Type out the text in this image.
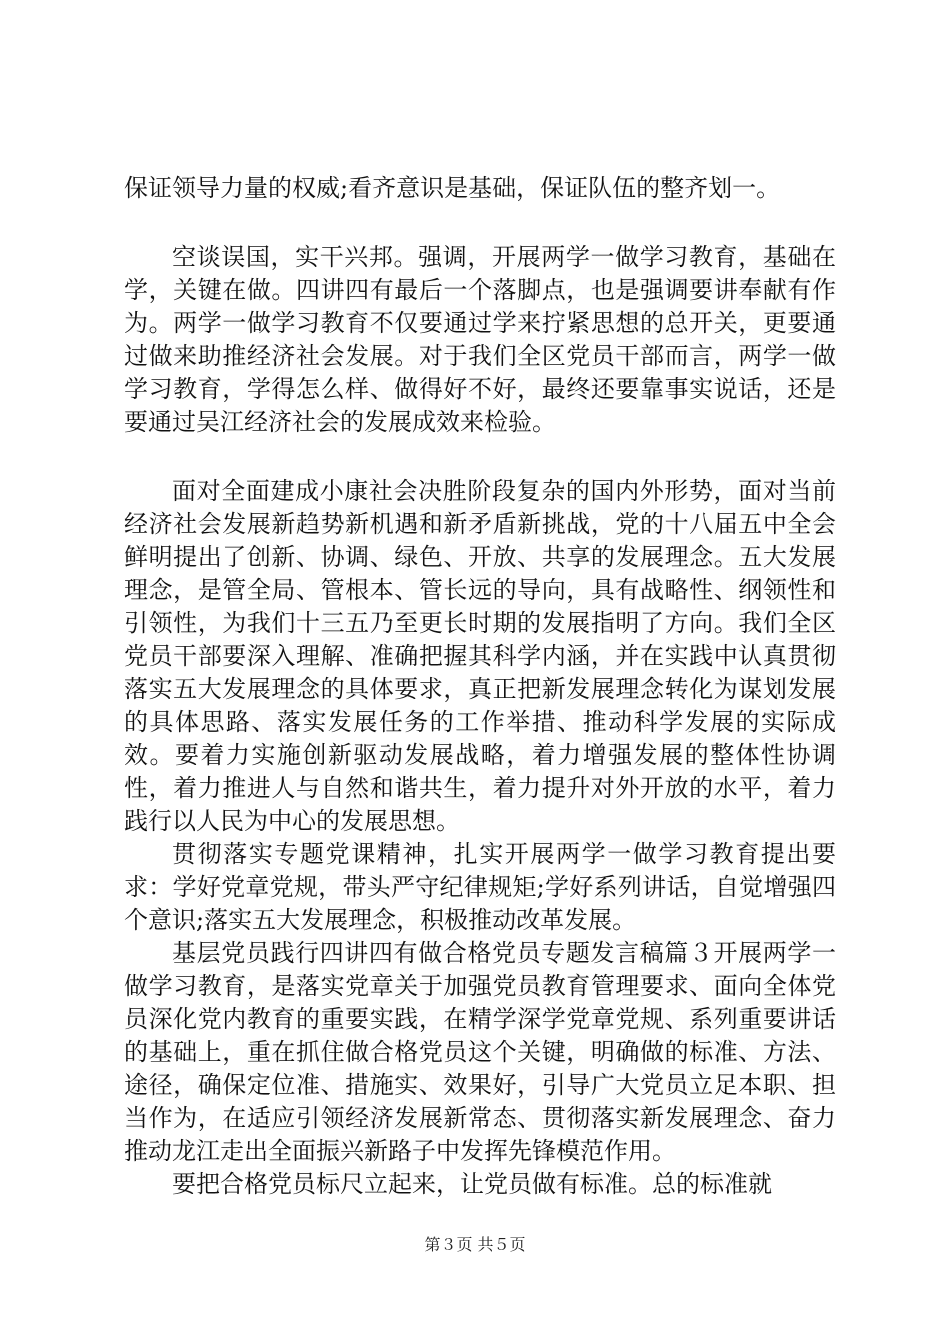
保证领导力量的权威;看齐意识是基础，保证队伍的整齐划一。

空谈误国，实干兴邦。强调，开展两学一做学习教育，基础在学，关键在做。四讲四有最后一个落脚点，也是强调要讲奉献有作为。两学一做学习教育不仅要通过学来拧紧思想的总开关，更要通过做来助推经济社会发展。对于我们全区党员干部而言，两学一做学习教育，学得怎么样、做得好不好，最终还要靠事实说话，还是要通过吴江经济社会的发展成效来检验。

面对全面建成小康社会决胜阶段复杂的国内外形势，面对当前经济社会发展新趋势新机遇和新矛盾新挑战，党的十八届五中全会鲜明提出了创新、协调、绿色、开放、共享的发展理念。五大发展理念，是管全局、管根本、管长远的导向，具有战略性、纲领性和引领性，为我们十三五乃至更长时期的发展指明了方向。我们全区党员干部要深入理解、准确把握其科学内涵，并在实践中认真贯彻落实五大发展理念的具体要求，真正把新发展理念转化为谋划发展的具体思路、落实发展任务的工作举措、推动科学发展的实际成效。要着力实施创新驱动发展战略，着力增强发展的整体性协调性，着力推进人与自然和谐共生，着力提升对外开放的水平，着力践行以人民为中心的发展思想。

贯彻落实专题党课精神，扎实开展两学一做学习教育提出要求：学好党章党规，带头严守纪律规矩;学好系列讲话，自觉增强四个意识;落实五大发展理念，积极推动改革发展。

基层党员践行四讲四有做合格党员专题发言稿篇３开展两学一做学习教育，是落实党章关于加强党员教育管理要求、面向全体党员深化党内教育的重要实践，在精学深学党章党规、系列重要讲话的基础上，重在抓住做合格党员这个关键，明确做的标准、方法、途径，确保定位准、措施实、效果好，引导广大党员立足本职、担当作为，在适应引领经济发展新常态、贯彻落实新发展理念、奋力推动龙江走出全面振兴新路子中发挥先锋模范作用。

要把合格党员标尺立起来，让党员做有标准。总的标准就

第３页 共５页
